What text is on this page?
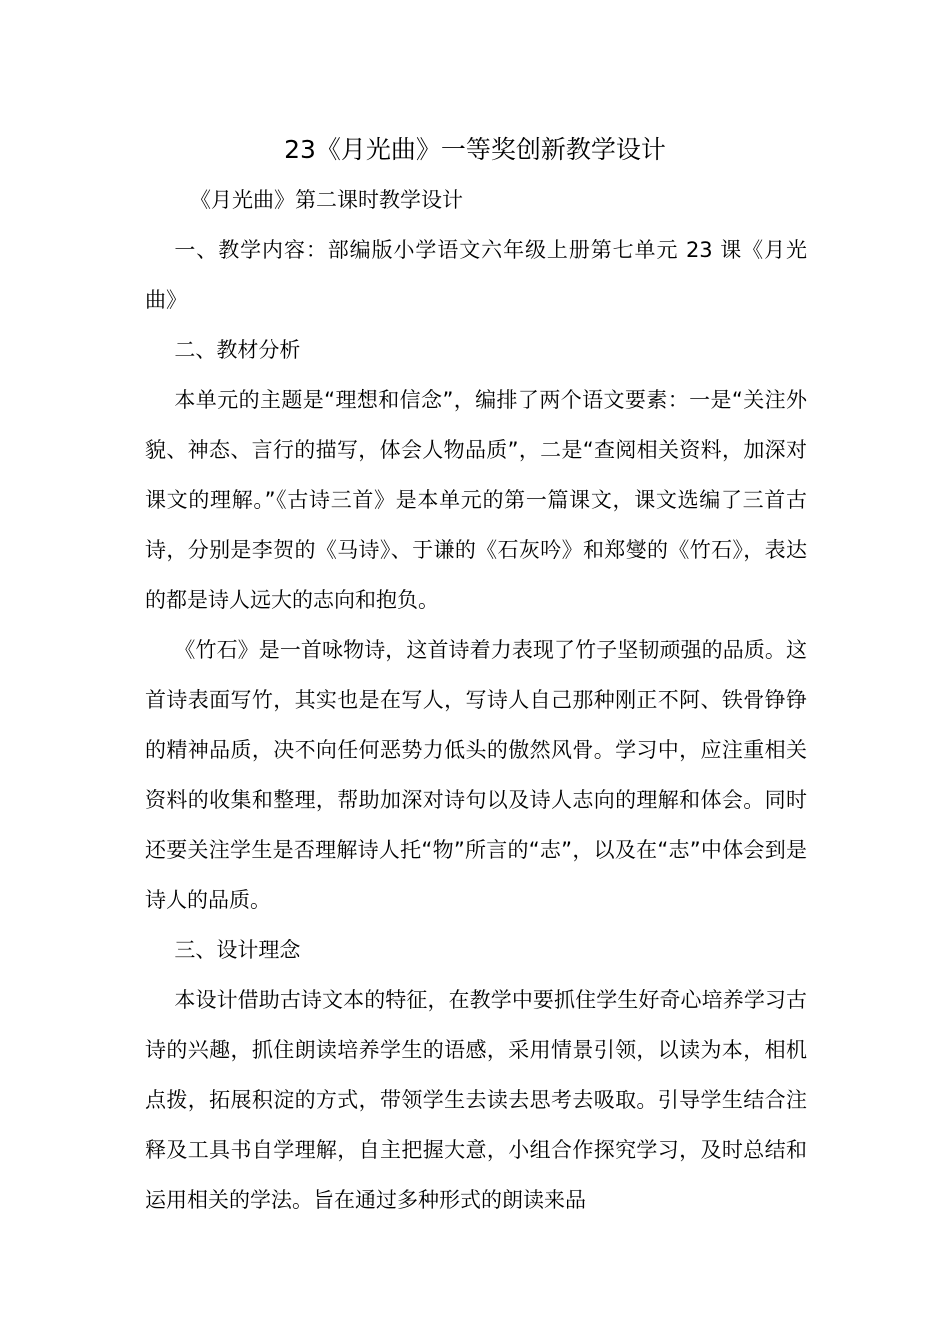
23《月光曲》一等奖创新教学设计
《月光曲》第二课时教学设计

一、教学内容：部编版小学语文六年级上册第七单元 23 课《月光曲》

二、教材分析

本单元的主题是“理想和信念”，编排了两个语文要素：一是“关注外貌、神态、言行的描写，体会人物品质”，二是“查阅相关资料，加深对课文的理解。”《古诗三首》是本单元的第一篇课文，课文选编了三首古诗，分别是李贺的《马诗》、于谦的《石灰吟》和郑燮的《竹石》，表达的都是诗人远大的志向和抱负。

《竹石》是一首咏物诗，这首诗着力表现了竹子坚韧顽强的品质。这首诗表面写竹，其实也是在写人，写诗人自己那种刚正不阿、铁骨铮铮的精神品质，决不向任何恶势力低头的傲然风骨。学习中，应注重相关资料的收集和整理，帮助加深对诗句以及诗人志向的理解和体会。同时还要关注学生是否理解诗人托“物”所言的“志”，以及在“志”中体会到是诗人的品质。

三、设计理念

本设计借助古诗文本的特征，在教学中要抓住学生好奇心培养学习古诗的兴趣，抓住朗读培养学生的语感，采用情景引领，以读为本，相机点拨，拓展积淀的方式，带领学生去读去思考去吸取。引导学生结合注释及工具书自学理解，自主把握大意，小组合作探究学习，及时总结和运用相关的学法。旨在通过多种形式的朗读来品
